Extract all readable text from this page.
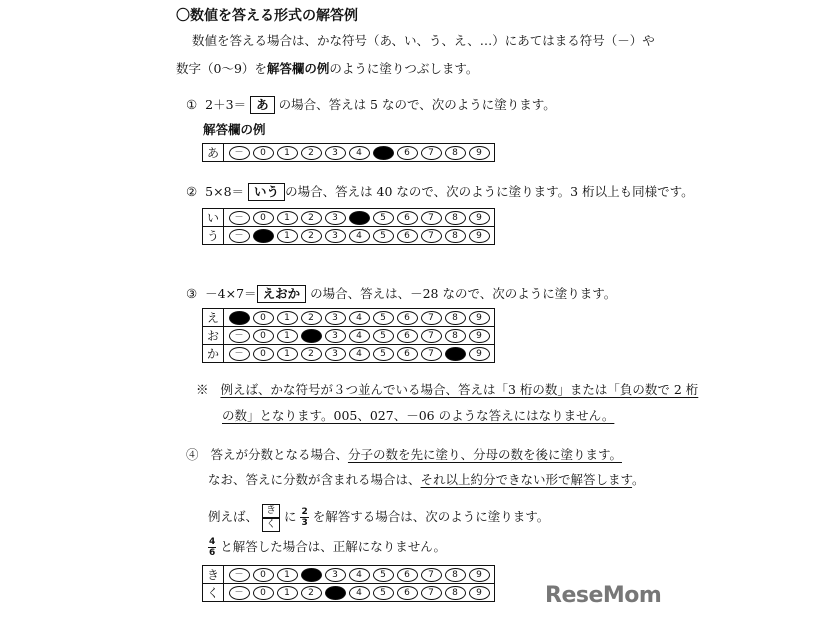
〇数値を答える形式の解答例
数値を答える場合は、かな符号（あ、い、う、え、…）にあてはまる符号（－）や
数字（0～9）を解答欄の例のように塗りつぶします。
① 2＋3＝ あ の場合、答えは 5 なので、次のように塗ります。
解答欄の例
あ	－ 0 1 2 3 4 5 6 7 8 9
② 5×8＝ いう の場合、答えは 40 なので、次のように塗ります。3 桁以上も同様です。
い	－ 0 1 2 3 4 5 6 7 8 9
う	－ 0 1 2 3 4 5 6 7 8 9
③ －4×7＝ えおか の場合、答えは、－28 なので、次のように塗ります。
え	－ 0 1 2 3 4 5 6 7 8 9
お	－ 0 1 2 3 4 5 6 7 8 9
か	－ 0 1 2 3 4 5 6 7 8 9
※ 例えば、かな符号が３つ並んでいる場合、答えは「3 桁の数」または「負の数で 2 桁
の数」となります。005、027、－06 のような答えにはなりません。
④ 答えが分数となる場合、分子の数を先に塗り、分母の数を後に塗ります。
なお、答えに分数が含まれる場合は、それ以上約分できない形で解答します。
例えば、 き
く に $\frac{2}{3}$ を解答する場合は、次のように塗ります。
$\frac{4}{6}$ と解答した場合は、正解になりません。
き	－ 0 1 2 3 4 5 6 7 8 9
く	－ 0 1 2 3 4 5 6 7 8 9	ReseMom
